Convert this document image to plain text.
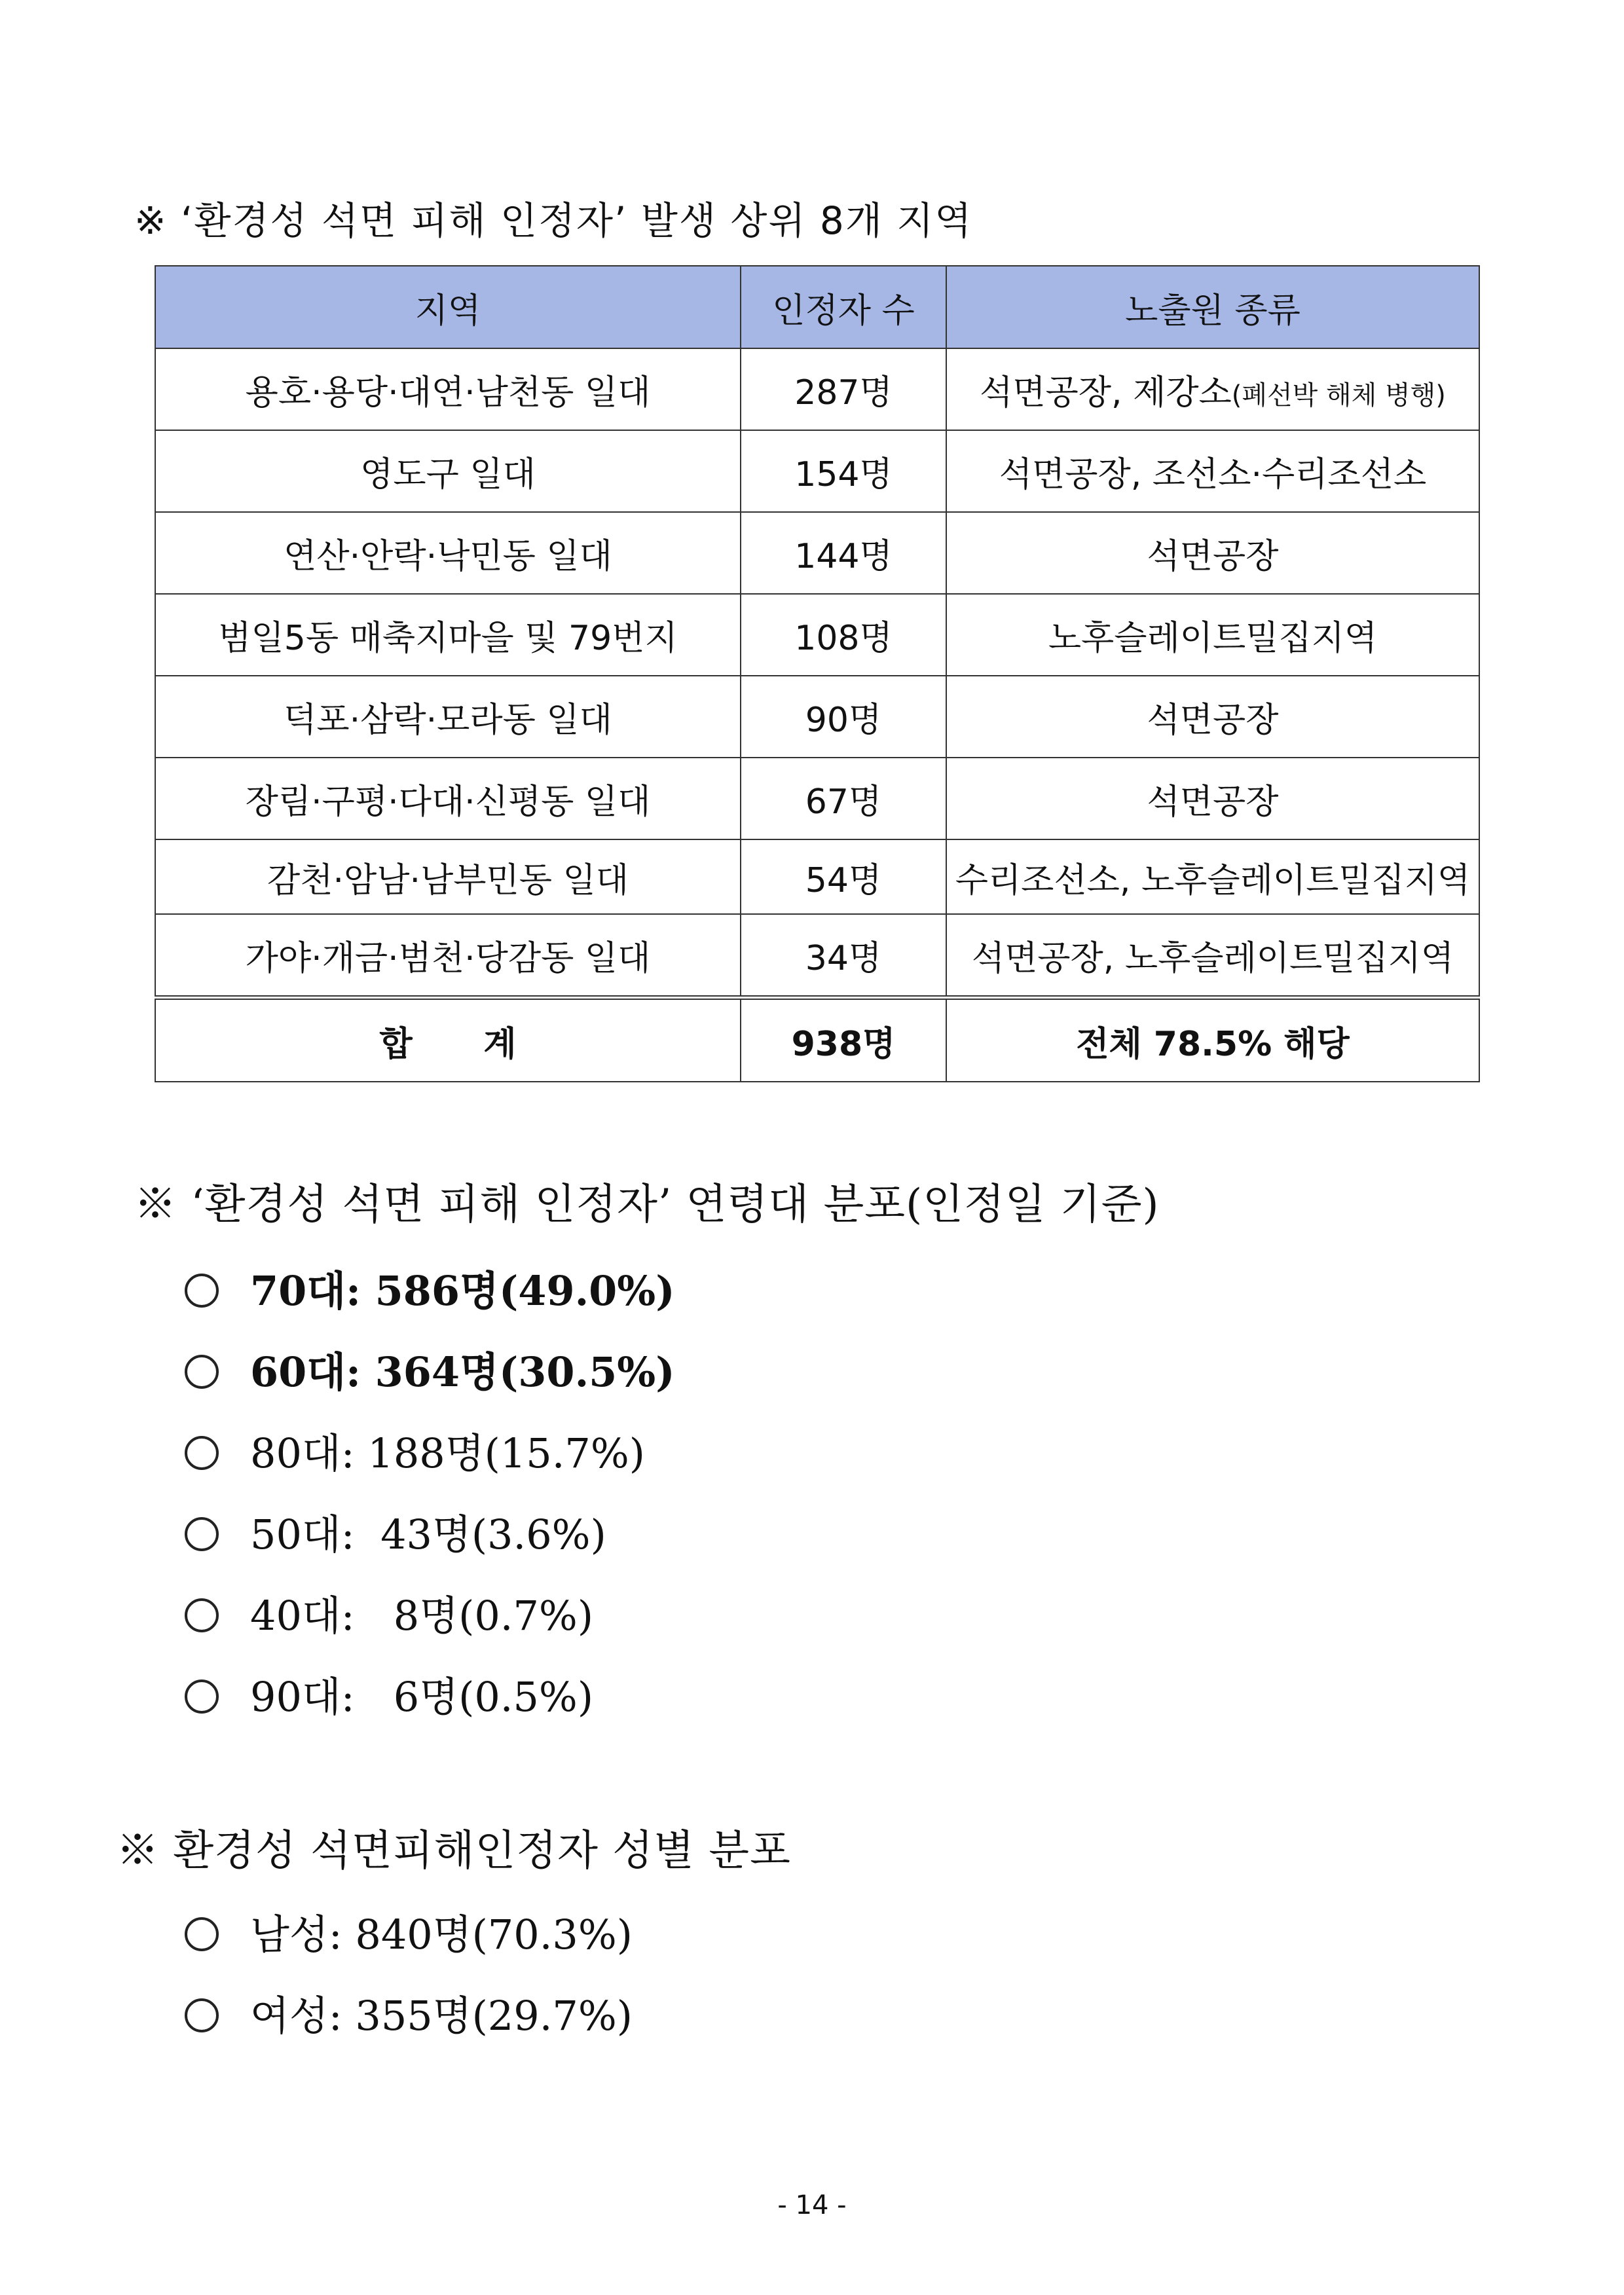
※ ‘환경성 석면 피해 인정자’ 발생 상위 8개 지역
지역	인정자 수	노출원 종류
용호·용당·대연·남천동 일대	287명	석면공장, 제강소(폐선박 해체 병행)
영도구 일대	154명	석면공장, 조선소·수리조선소
연산·안락·낙민동 일대	144명	석면공장
범일5동 매축지마을 및 79번지	108명	노후슬레이트밀집지역
덕포·삼락·모라동 일대	90명	석면공장
장림·구평·다대·신평동 일대	67명	석면공장
감천·암남·남부민동 일대	54명	수리조선소, 노후슬레이트밀집지역
가야·개금·범천·당감동 일대	34명	석면공장, 노후슬레이트밀집지역
합      계	938명	전체 78.5% 해당
※ ‘환경성 석면 피해 인정자’ 연령대 분포(인정일 기준)
70대: 586명(49.0%)
60대: 364명(30.5%)
80대: 188명(15.7%)
50대:  43명(3.6%)
40대:   8명(0.7%)
90대:   6명(0.5%)
※ 환경성 석면피해인정자 성별 분포
남성: 840명(70.3%)
여성: 355명(29.7%)
- 14 -
